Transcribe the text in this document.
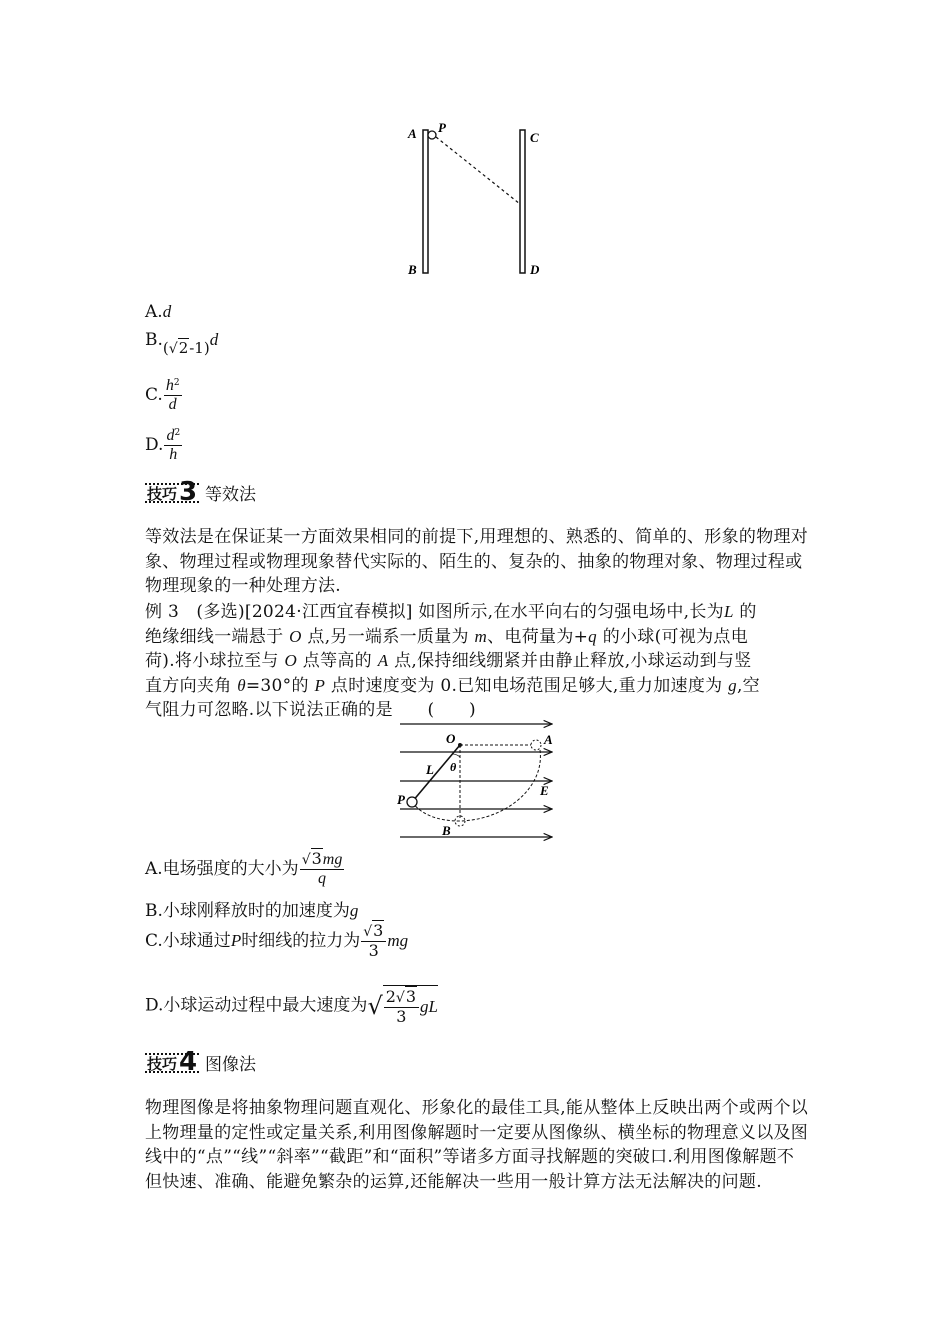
A P
B
C
D
A.d
B.(√2-1)d
C. $\frac{h^2}{d}$
D. $\frac{d^2}{h}$
技巧 3 等效法
等效法是在保证某一方面效果相同的前提下,用理想的、熟悉的、简单的、形象的物理对象、物理过程或物理现象替代实际的、陌生的、复杂的、抽象的物理对象、物理过程或物理现象的一种处理方法.
例 3　(多选)[2024·江西宜春模拟] 如图所示,在水平向右的匀强电场中,长为L 的
绝缘细线一端悬于 O 点,另一端系一质量为 m、电荷量为+q 的小球(可视为点电
荷).将小球拉至与 O 点等高的 A 点,保持细线绷紧并由静止释放,小球运动到与竖
直方向夹角 θ=30°的 P 点时速度变为 0.已知电场范围足够大,重力加速度为 g,空
气阻力可忽略.以下说法正确的是　　(　　)
O	A
L θ
E
P
B
A.电场强度的大小为 $\frac{√3mg}{q}$
B.小球刚释放时的加速度为g
C.小球通过P时细线的拉力为 $\frac{√3}{3}$ mg
D.小球运动过程中最大速度为√ $\frac{2√3}{3}$ gL
技巧 4 图像法
物理图像是将抽象物理问题直观化、形象化的最佳工具,能从整体上反映出两个或两个以上物理量的定性或定量关系,利用图像解题时一定要从图像纵、横坐标的物理意义以及图线中的“点”“线”“斜率”“截距”和“面积”等诸多方面寻找解题的突破口.利用图像解题不但快速、准确、能避免繁杂的运算,还能解决一些用一般计算方法无法解决的问题.
